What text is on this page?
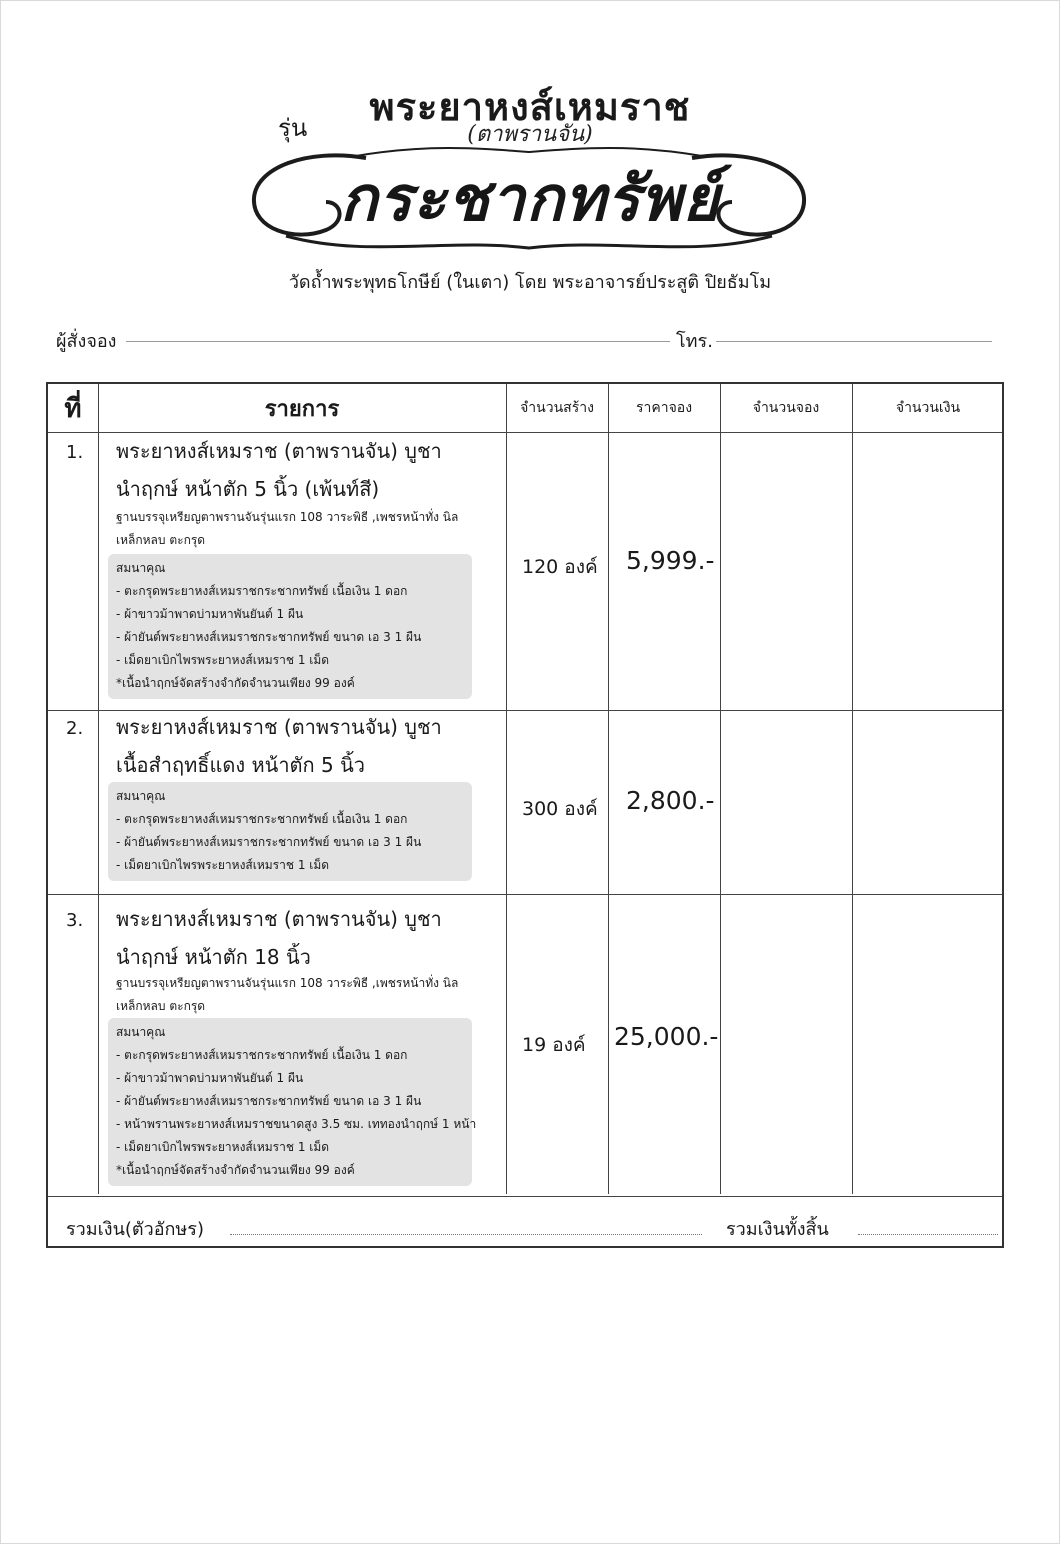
พระยาหงส์เหมราช
รุ่น	(ตาพรานจัน)
กระชากทรัพย์
วัดถ้ำพระพุทธโกษีย์ (ในเตา) โดย พระอาจารย์ประสูติ ปิยธัมโม
ผู้สั่งจอง	โทร.
ที่	รายการ	จำนวนสร้าง	ราคาจอง	จำนวนจอง	จำนวนเงิน
1. พระยาหงส์เหมราช (ตาพรานจัน) บูชา
นำฤกษ์ หน้าตัก 5 นิ้ว (เพ้นท์สี)
ฐานบรรจุเหรียญตาพรานจันรุ่นแรก 108 วาระพิธี ,เพชรหน้าทั่ง นิล
เหล็กหลบ ตะกรุด
สมนาคุณ
- ตะกรุดพระยาหงส์เหมราชกระชากทรัพย์ เนื้อเงิน 1 ดอก
- ผ้าขาวม้าพาดบ่ามหาพันยันต์ 1 ผืน
- ผ้ายันต์พระยาหงส์เหมราชกระชากทรัพย์ ขนาด เอ 3 1 ผืน
- เม็ดยาเบิกไพรพระยาหงส์เหมราช 1 เม็ด
*เนื้อนำฤกษ์จัดสร้างจำกัดจำนวนเพียง 99 องค์
120 องค์ 5,999.-
2. พระยาหงส์เหมราช (ตาพรานจัน) บูชา
เนื้อสำฤทธิ์แดง หน้าตัก 5 นิ้ว
สมนาคุณ
- ตะกรุดพระยาหงส์เหมราชกระชากทรัพย์ เนื้อเงิน 1 ดอก
- ผ้ายันต์พระยาหงส์เหมราชกระชากทรัพย์ ขนาด เอ 3 1 ผืน
- เม็ดยาเบิกไพรพระยาหงส์เหมราช 1 เม็ด
300 องค์ 2,800.-
3. พระยาหงส์เหมราช (ตาพรานจัน) บูชา
นำฤกษ์ หน้าตัก 18 นิ้ว
ฐานบรรจุเหรียญตาพรานจันรุ่นแรก 108 วาระพิธี ,เพชรหน้าทั่ง นิล
เหล็กหลบ ตะกรุด
สมนาคุณ
- ตะกรุดพระยาหงส์เหมราชกระชากทรัพย์ เนื้อเงิน 1 ดอก
- ผ้าขาวม้าพาดบ่ามหาพันยันต์ 1 ผืน
- ผ้ายันต์พระยาหงส์เหมราชกระชากทรัพย์ ขนาด เอ 3 1 ผืน
- หน้าพรานพระยาหงส์เหมราชขนาดสูง 3.5 ซม. เททองนำฤกษ์ 1 หน้า
- เม็ดยาเบิกไพรพระยาหงส์เหมราช 1 เม็ด
*เนื้อนำฤกษ์จัดสร้างจำกัดจำนวนเพียง 99 องค์
19 องค์ 25,000.-
รวมเงิน(ตัวอักษร)	รวมเงินทั้งสิ้น
